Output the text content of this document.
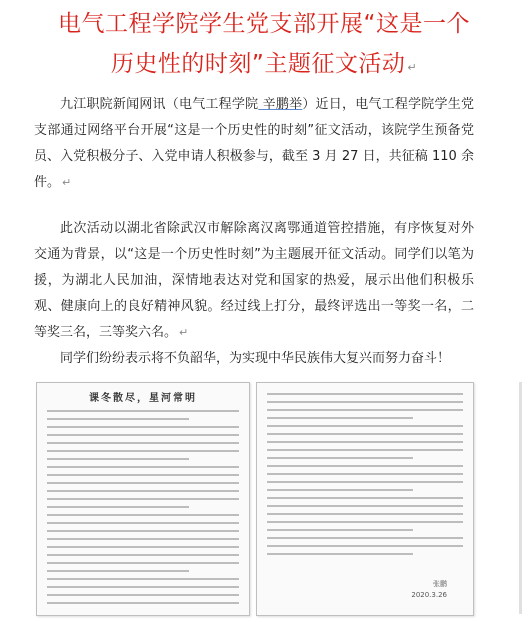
电气工程学院学生党支部开展“这是一个
历史性的时刻”主题征文活动 ↵
九江职院新闻网讯（电气工程学院 辛鹏举）近日，电气工程学院学生党支部通过网络平台开展“这是一个历史性的时刻”征文活动，该院学生预备党员、入党积极分子、入党申请人积极参与，截至 3 月 27 日，共征稿 110 余件。 ↵
此次活动以湖北省除武汉市解除离汉离鄂通道管控措施，有序恢复对外交通为背景，以“这是一个历史性时刻”为主题展开征文活动。同学们以笔为援，为湖北人民加油，深情地表达对党和国家的热爱，展示出他们积极乐观、健康向上的良好精神风貌。经过线上打分，最终评选出一等奖一名，二等奖三名，三等奖六名。 ↵
同学们纷纷表示将不负韶华，为实现中华民族伟大复兴而努力奋斗！
课冬散尽，星河常明
张鹏
2020.3.26
